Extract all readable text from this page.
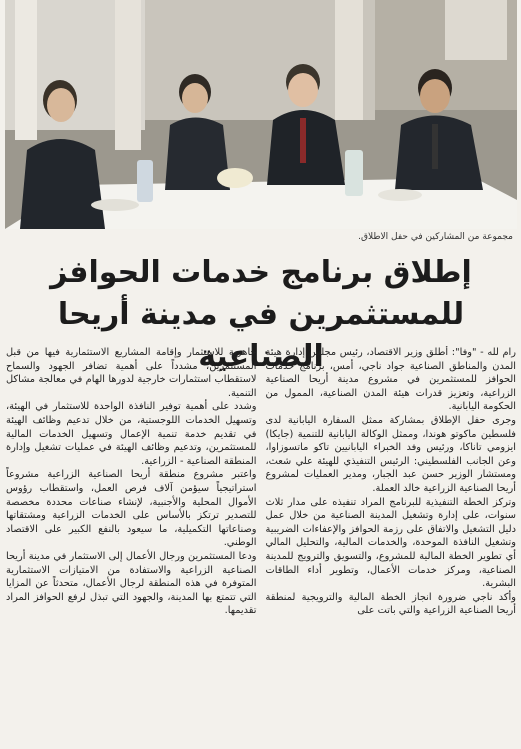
مجموعة من المشاركين في حفل الاطلاق.
إطلاق برنامج خدمات الحوافز
للمستثمرين في مدينة أريحا الصناعية

رام لله - "وفا": أطلق وزير الاقتصاد، رئيس مجلس إدارة هيئة المدن والمناطق الصناعية جواد ناجي، أمس، برنامج خدمات الحوافز للمستثمرين في مشروع مدينة أريحا الصناعية الزراعية، وتعزيز قدرات هيئة المدن الصناعية، الممول من الحكومة اليابانية.

وجرى حفل الإطلاق بمشاركة ممثل السفارة اليابانية لدى فلسطين ماكوتو هوندا، وممثل الوكالة اليابانية للتنمية (جايكا) ايزومي تاناكا، ورئيس وفد الخبراء اليابانيين تاكو ماتسوزاوا، وعن الجانب الفلسطيني: الرئيس التنفيذي للهيئة علي شعث، ومستشار الوزير حسن عبد الجبار، ومدير العمليات لمشروع أريحا الصناعية الزراعية خالد العملة.

وتركز الخطة التنفيذية للبرنامج المراد تنفيذه على مدار ثلاث سنوات، على إدارة وتشغيل المدينة الصناعية من خلال عمل دليل التشغيل والاتفاق على رزمة الحوافز والإعفاءات الضريبية وتشغيل النافذة الموحدة، والخدمات المالية، والتحليل المالي أي تطوير الخطة المالية للمشروع، والتسويق والترويج للمدينة الصناعية، ومركز خدمات الأعمال، وتطوير أداء الطاقات البشرية.

وأكد ناجي ضرورة انجاز الخطة المالية والترويجية لمنطقة أريحا الصناعية الزراعية والتي باتت على

جاهزية للاستثمار وإقامة المشاريع الاستثمارية فيها من قبل المستثمرين، مشدداً على أهمية تضافر الجهود والسماح لاستقطاب استثمارات خارجية لدورها الهام في معالجة مشاكل التنمية.

وشدد على أهمية توفير النافذة الواحدة للاستثمار في الهيئة، وتسهيل الخدمات اللوجستية، من خلال تدعيم وظائف الهيئة في تقديم خدمة تنمية الإعمال وتسهيل الخدمات المالية للمستثمرين، وتدعيم وظائف الهيئة في عمليات تشغيل وإدارة المنطقة الصناعية - الزراعية.

واعتبر مشروع منطقة أريحا الصناعية الزراعية مشروعاً استراتيجياً سيؤمن آلاف فرص العمل، واستقطاب رؤوس الأموال المحلية والأجنبية، لإنشاء صناعات محددة مخصصة للتصدير ترتكز بالأساس على الخدمات الزراعية ومشتقاتها وصناعاتها التكميلية، ما سيعود بالنفع الكبير على الاقتصاد الوطني.

ودعا المستثمرين ورجال الأعمال إلى الاستثمار في مدينة أريحا الصناعية الزراعية والاستفادة من الامتيازات الاستثمارية المتوفرة في هذه المنطقة لرجال الأعمال، متحدثاً عن المزايا التي تتمتع بها المدينة، والجهود التي تبذل لرفع الحوافز المراد تقديمها.
